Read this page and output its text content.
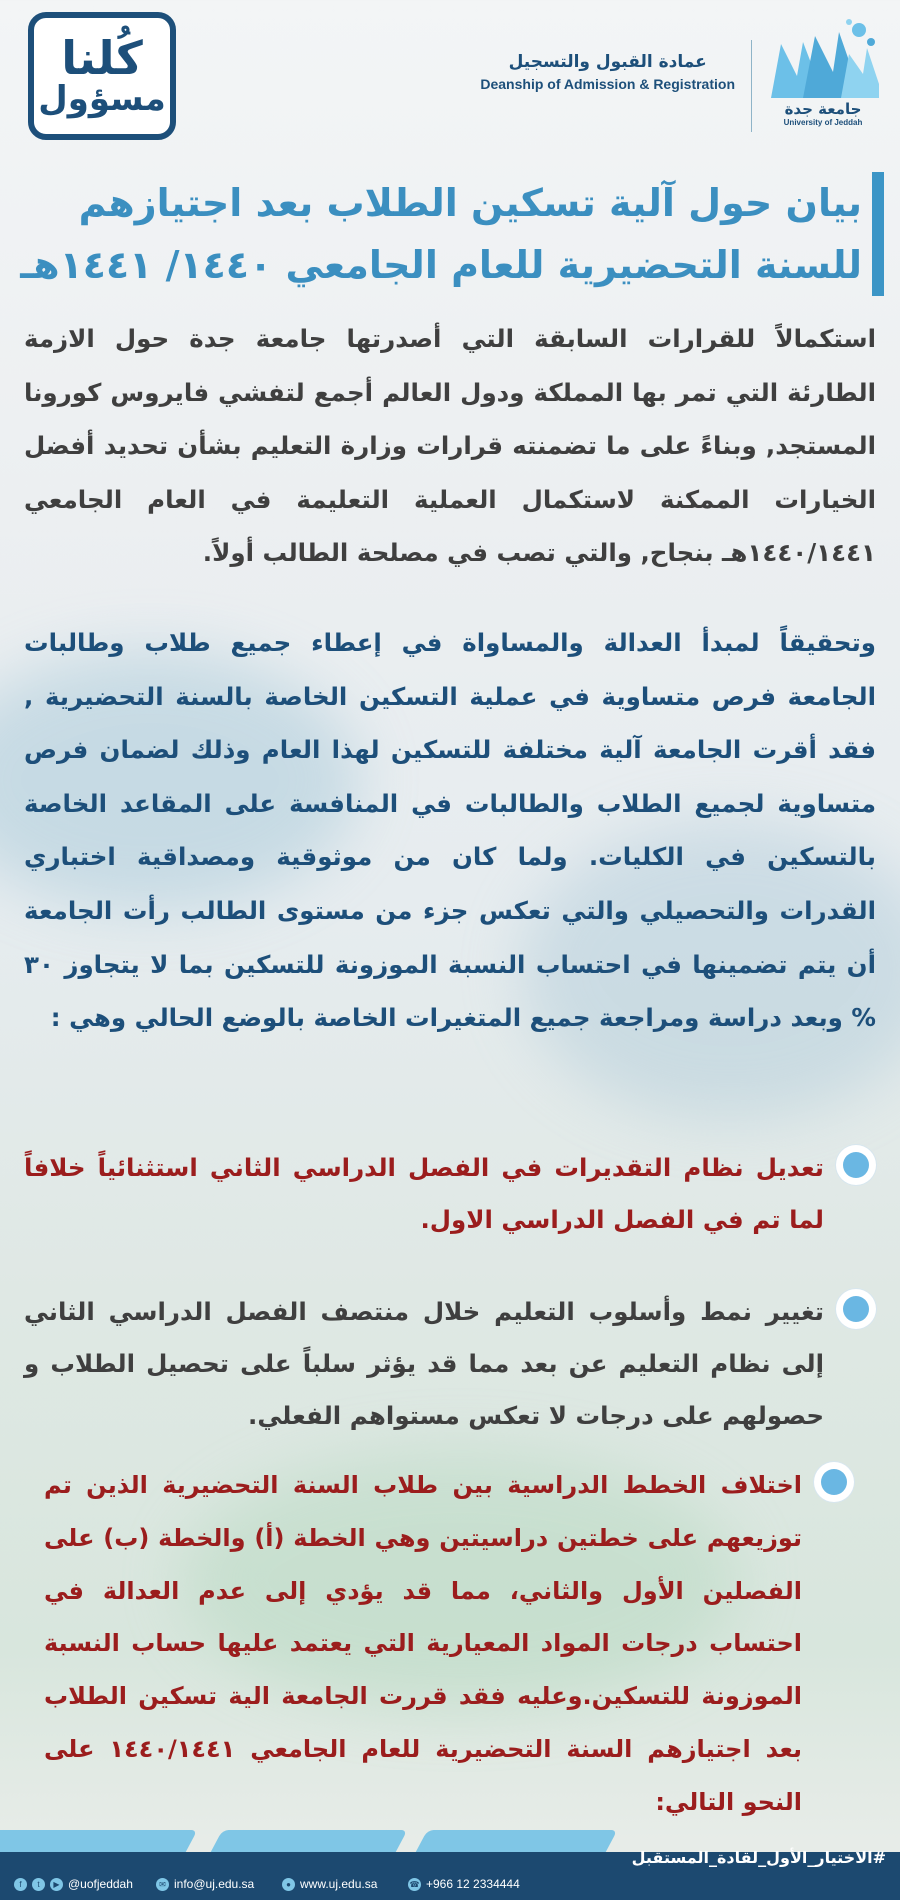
كُلنا
مسؤول
عمادة القبول والتسجيل
Deanship of Admission & Registration
جامعة جدة
University of Jeddah
بيان حول آلية تسكين الطلاب بعد اجتيازهم
للسنة التحضيرية للعام الجامعي ١٤٤٠/ ١٤٤١هـ
استكمالاً للقرارات السابقة التي أصدرتها جامعة جدة حول الازمة الطارئة التي تمر بها المملكة ودول العالم أجمع لتفشي فايروس كورونا المستجد, وبناءً على ما تضمنته قرارات وزارة التعليم بشأن تحديد أفضل الخيارات الممكنة لاستكمال العملية التعليمة في العام الجامعي ١٤٤٠/١٤٤١هـ بنجاح, والتي تصب في مصلحة الطالب أولاً.
وتحقيقاً لمبدأ العدالة والمساواة في إعطاء جميع طلاب وطالبات الجامعة فرص متساوية في عملية التسكين الخاصة بالسنة التحضيرية , فقد أقرت الجامعة آلية مختلفة للتسكين لهذا العام وذلك لضمان فرص متساوية لجميع الطلاب والطالبات في المنافسة على المقاعد الخاصة بالتسكين في الكليات. ولما كان من موثوقية ومصداقية اختباري القدرات والتحصيلي والتي تعكس جزء من مستوى الطالب رأت الجامعة أن يتم تضمينها في احتساب النسبة الموزونة للتسكين بما لا يتجاوز ٣٠ % وبعد دراسة ومراجعة جميع المتغيرات الخاصة بالوضع الحالي وهي :
تعديل نظام التقديرات في الفصل الدراسي الثاني استثنائياً خلافاً لما تم في الفصل الدراسي الاول.
تغيير نمط وأسلوب التعليم خلال منتصف الفصل الدراسي الثاني إلى نظام التعليم عن بعد مما قد يؤثر سلباً على تحصيل الطلاب و حصولهم على درجات لا تعكس مستواهم الفعلي.
اختلاف الخطط الدراسية بين طلاب السنة التحضيرية الذين تم توزيعهم على خطتين دراسيتين وهي الخطة (أ) والخطة (ب) على الفصلين الأول والثاني، مما قد يؤدي إلى عدم العدالة في احتساب درجات المواد المعيارية التي يعتمد عليها حساب النسبة الموزونة للتسكين.وعليه فقد قررت الجامعة الية تسكين الطلاب بعد اجتيازهم السنة التحضيرية للعام الجامعي ١٤٤٠/١٤٤١ على النحو التالي:
#الاختيار_الأول_لقادة_المستقبل
f	t	▶ @uofjeddah	✉ info@uj.edu.sa	● www.uj.edu.sa	☎ +966 12 2334444
